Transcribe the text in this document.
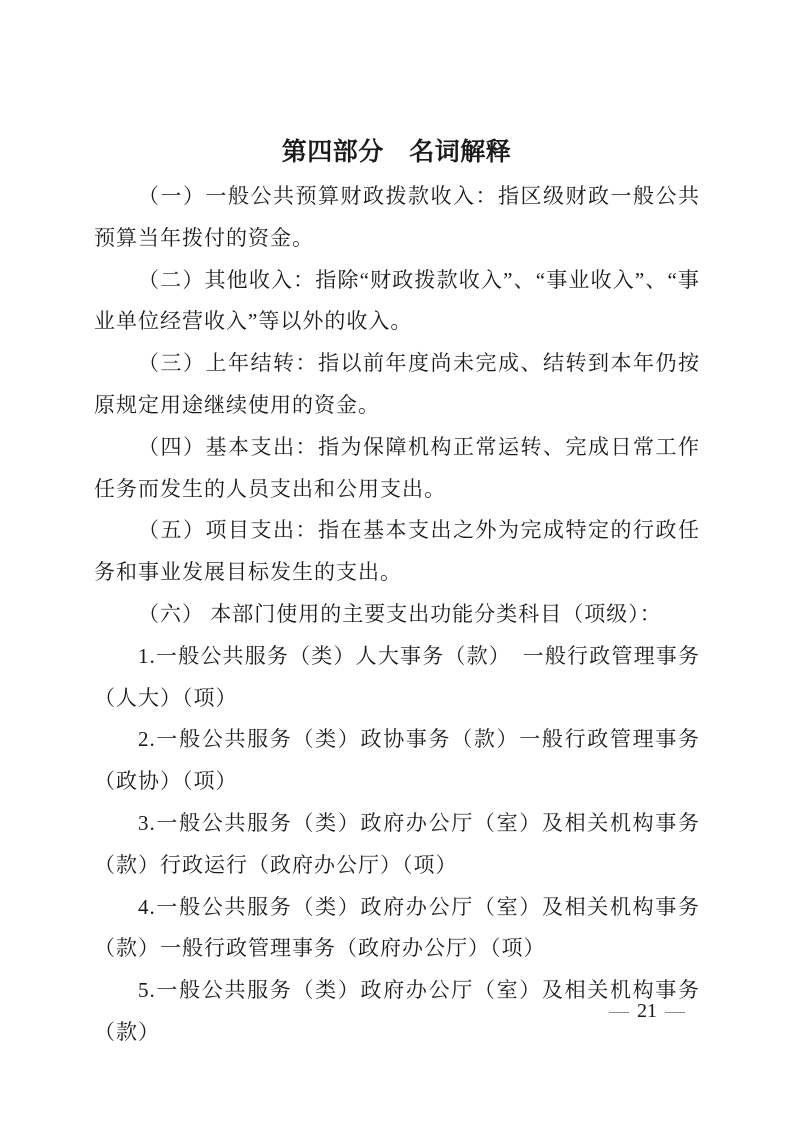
第四部分　名词解释

（一）一般公共预算财政拨款收入：指区级财政一般公共预算当年拨付的资金。

（二）其他收入：指除“财政拨款收入”、“事业收入”、“事业单位经营收入”等以外的收入。

（三）上年结转：指以前年度尚未完成、结转到本年仍按原规定用途继续使用的资金。

（四）基本支出：指为保障机构正常运转、完成日常工作任务而发生的人员支出和公用支出。

（五）项目支出：指在基本支出之外为完成特定的行政任务和事业发展目标发生的支出。

（六） 本部门使用的主要支出功能分类科目（项级）：

1.一般公共服务（类）人大事务（款）　一般行政管理事务（人大）（项）

2.一般公共服务（类）政协事务（款）一般行政管理事务（政协）（项）

3.一般公共服务（类）政府办公厅（室）及相关机构事务（款）行政运行（政府办公厅）（项）

4.一般公共服务（类）政府办公厅（室）及相关机构事务（款）一般行政管理事务（政府办公厅）（项）

5.一般公共服务（类）政府办公厅（室）及相关机构事务（款）

— 21 —
